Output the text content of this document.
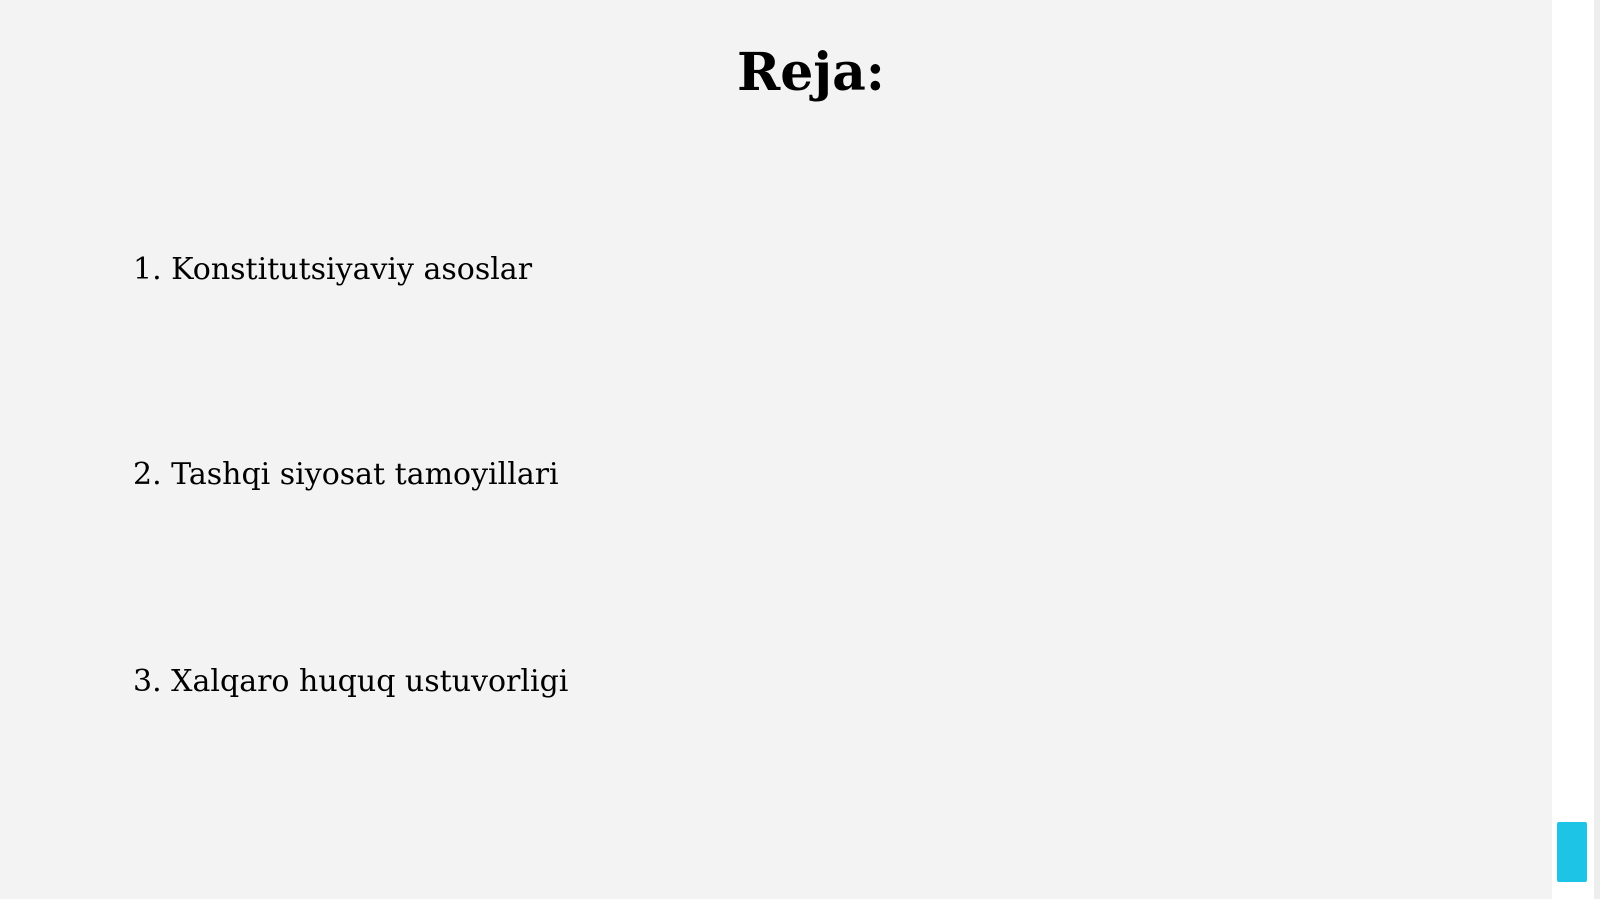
Reja:
1. Konstitutsiyaviy asoslar
2. Tashqi siyosat tamoyillari
3. Xalqaro huquq ustuvorligi
